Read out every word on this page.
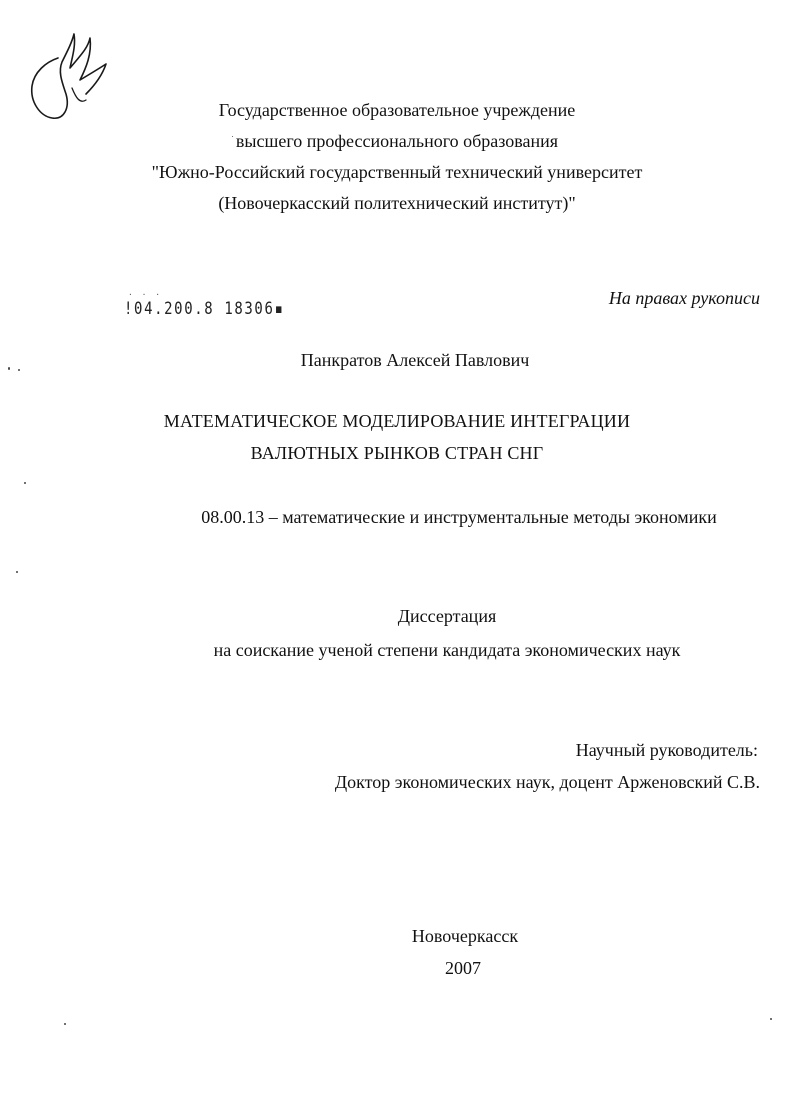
Государственное образовательное учреждение
высшего профессионального образования
"Южно-Российский государственный технический университет
(Новочеркасский политехнический институт)"
. . .
!04.200.8 18306▪
На правах рукописи
Панкратов Алексей Павлович
МАТЕМАТИЧЕСКОЕ МОДЕЛИРОВАНИЕ ИНТЕГРАЦИИ
ВАЛЮТНЫХ РЫНКОВ СТРАН СНГ
08.00.13 – математические и инструментальные методы экономики
Диссертация
на соискание ученой степени кандидата экономических наук
Научный руководитель:
Доктор экономических наук, доцент Арженовский С.В.
Новочеркасск
2007
